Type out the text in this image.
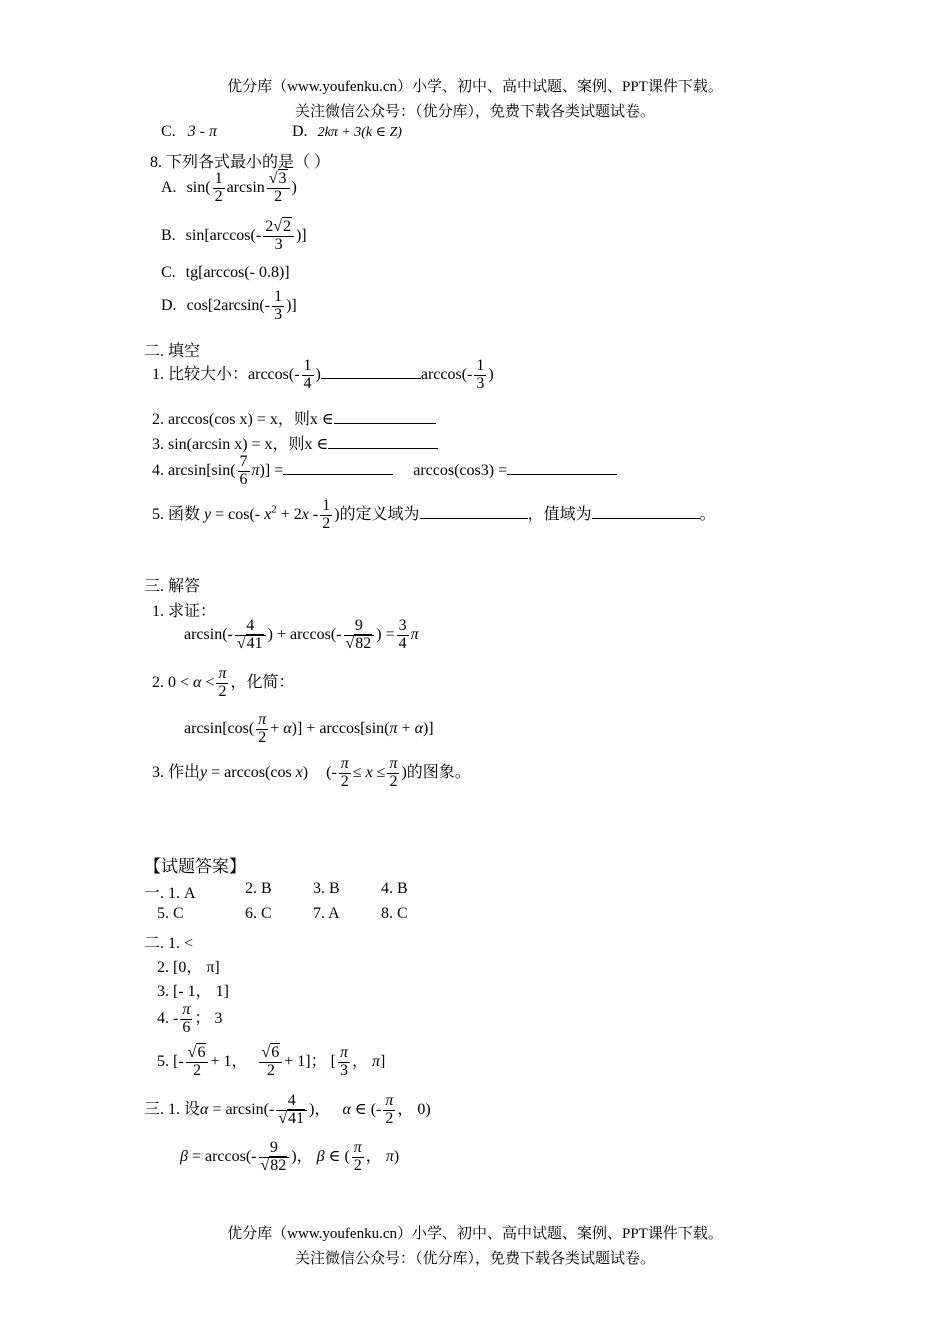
优分库（www.youfenku.cn）小学、初中、高中试题、案例、PPT课件下载。
关注微信公众号：（优分库），免费下载各类试题试卷。
C. 3 - π	D. 2kπ + 3(k ∈ Z)
8. 下列各式最小的是（ ）
A. $\sin( \frac{1}{2}$ $\arcsin \frac{√3}{2}$ )
B. $\sin[\arccos(- \frac{2√2}{3}$ )]
C. tg[arccos(- 0.8)]
D. $\cos[2\arcsin(- \frac{1}{3}$ )]
二. 填空
1. 比较大小：$\arccos(- \frac{1}{4}$ )	$\arccos(- \frac{1}{3}$ )
2. arccos(cos x) = x，则x ∈
3. sin(arcsin x) = x，则x ∈
4. $\arcsin[\sin( \frac{7}{6} \pi)]$ =	arccos(cos3) =
5. 函数 y = cos(- $x^2 + 2x - \frac{1}{2}$ )的定义域为	，值域为	。
三. 解答
1. 求证：
$\arcsin(- \frac{4}{√41}$ ) + $\arccos(- \frac{9}{√82}$ ) = $\frac{3}{4}$ π
2. $0 < \alpha < \frac{\pi}{2}$ ，化简：
$\arcsin[\cos( \frac{\pi}{2} + \alpha)] + \arccos[\sin(\pi + \alpha)]$
3. 作出y = arccos(cos x) (- $\frac{\pi}{2} \le x \le \frac{\pi}{2}$ )的图象。
【试题答案】
一. 1. A	2. B	3. B	4. B
5. C	6. C	7. A	8. C
二. 1. <
2. [0， π]
3. [- 1， 1]
4. - $\frac{\pi}{6}$ ； 3
5. [- $\frac{√6}{2} + 1$， $\frac{√6}{2} + 1$]； [ $\frac{\pi}{3}$ ， π]
三. 1. 设$\alpha = \arcsin(- \frac{4}{√41}$ )， α ∈ (- $\frac{\pi}{2}$ ， 0)
$\beta = \arccos(- \frac{9}{√82}$ )， β ∈ ( $\frac{\pi}{2}$ ， π)
优分库（www.youfenku.cn）小学、初中、高中试题、案例、PPT课件下载。
关注微信公众号：（优分库），免费下载各类试题试卷。
